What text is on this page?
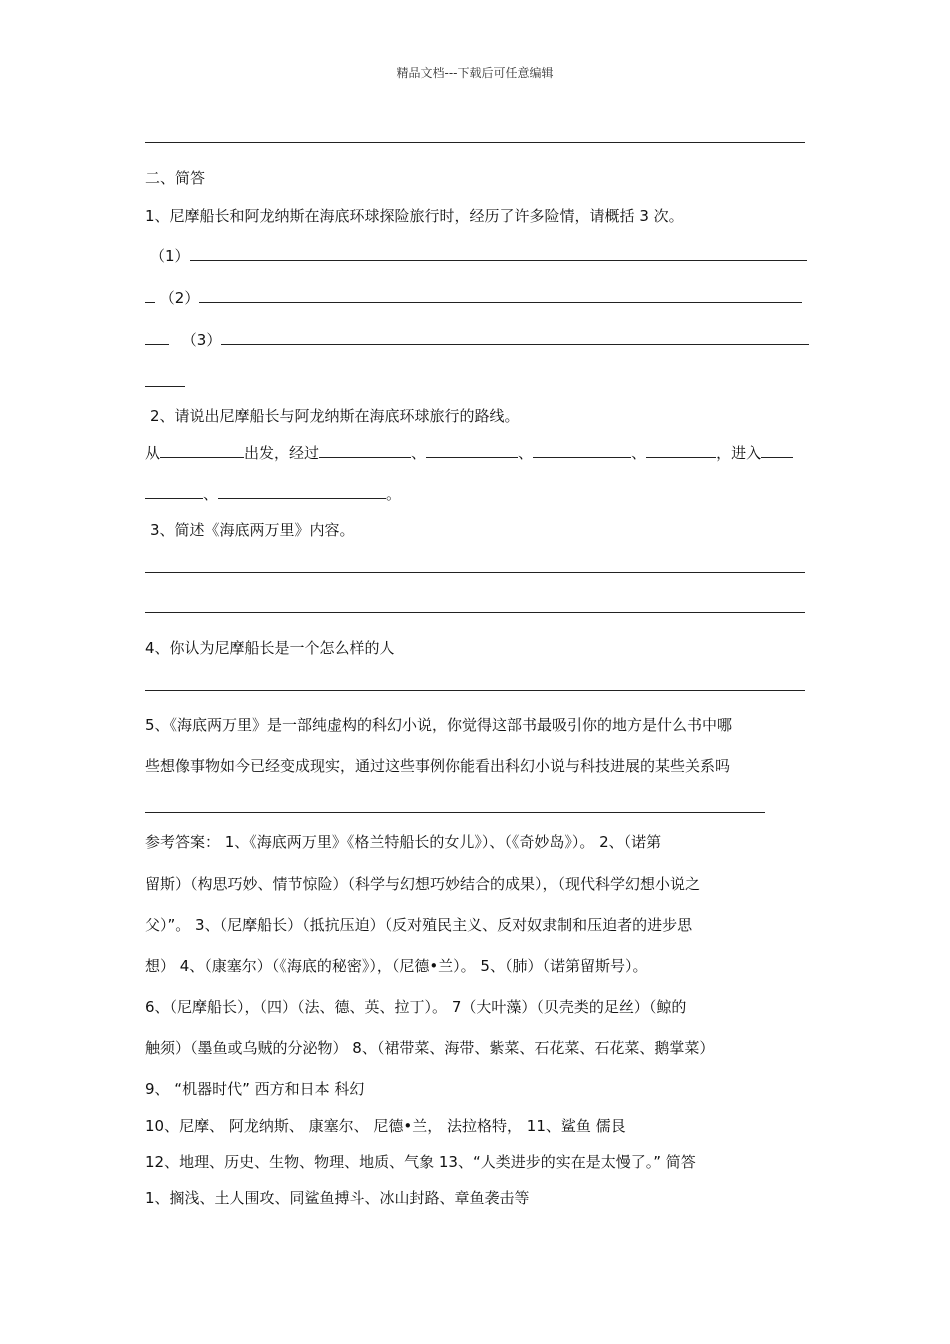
精品文档---下载后可任意编辑
二、简答
1、尼摩船长和阿龙纳斯在海底环球探险旅行时，经历了许多险情，请概括 3 次。
（1）
（2）
（3）
2、请说出尼摩船长与阿龙纳斯在海底环球旅行的路线。
从	出发，经过	、	、	、	，进入
、	。
3、简述《海底两万里》内容。
4、你认为尼摩船长是一个怎么样的人
5、《海底两万里》是一部纯虚构的科幻小说，你觉得这部书最吸引你的地方是什么书中哪
些想像事物如今已经变成现实，通过这些事例你能看出科幻小说与科技进展的某些关系吗
参考答案： 1、《海底两万里》《格兰特船长的女儿》）、（《奇妙岛》）。 2、（诺第
留斯）（构思巧妙、情节惊险）（科学与幻想巧妙结合的成果），（现代科学幻想小说之
父）”。 3、（尼摩船长）（抵抗压迫）（反对殖民主义、反对奴隶制和压迫者的进步思
想） 4、（康塞尔）（《海底的秘密》），（尼德•兰）。 5、（肺）（诺第留斯号）。
6、（尼摩船长），（四）（法、德、英、拉丁）。 7（大叶藻）（贝壳类的足丝）（鲸的
触须）（墨鱼或乌贼的分泌物） 8、（裙带菜、海带、紫菜、石花菜、石花菜、鹅掌菜）
9、 “机器时代” 西方和日本 科幻
10、尼摩、 阿龙纳斯、 康塞尔、 尼德•兰， 法拉格特， 11、鲨鱼 儒艮
12、地理、历史、生物、物理、地质、气象 13、“人类进步的实在是太慢了。” 简答
1、搁浅、土人围攻、同鲨鱼搏斗、冰山封路、章鱼袭击等
